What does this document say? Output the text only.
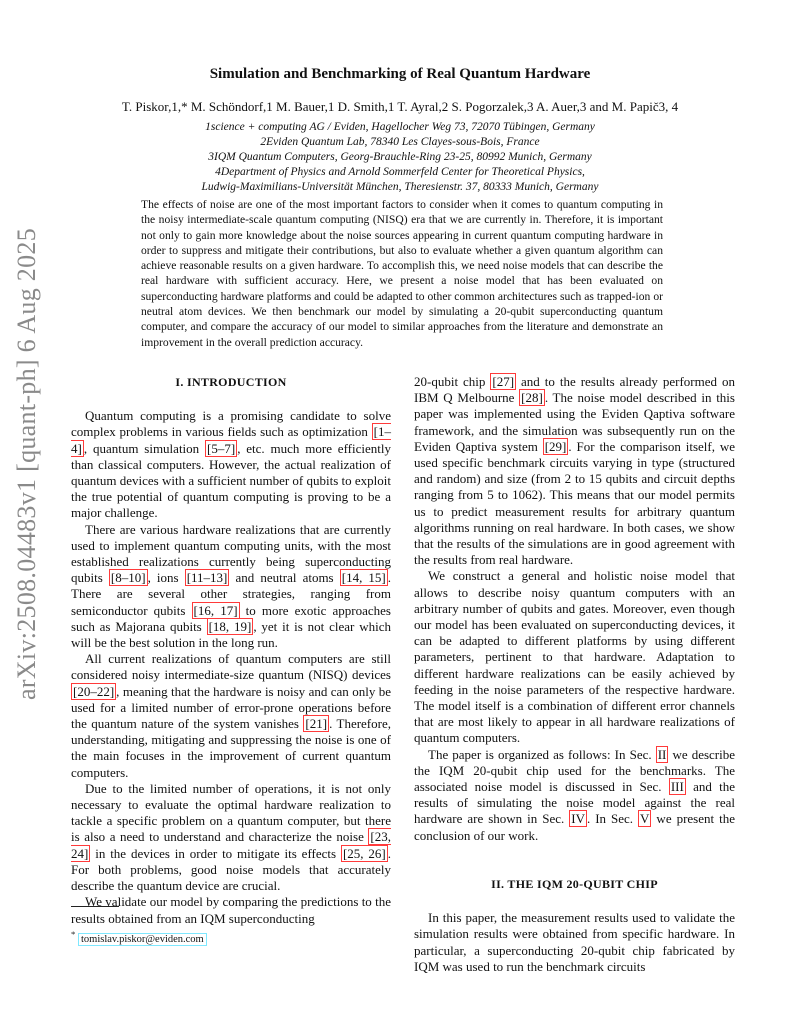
arXiv:2508.04483v1 [quant-ph] 6 Aug 2025
Simulation and Benchmarking of Real Quantum Hardware
T. Piskor,1,* M. Schöndorf,1 M. Bauer,1 D. Smith,1 T. Ayral,2 S. Pogorzalek,3 A. Auer,3 and M. Papič3, 4
1science + computing AG / Eviden, Hagellocher Weg 73, 72070 Tübingen, Germany
2Eviden Quantum Lab, 78340 Les Clayes-sous-Bois, France
3IQM Quantum Computers, Georg-Brauchle-Ring 23-25, 80992 Munich, Germany
4Department of Physics and Arnold Sommerfeld Center for Theoretical Physics,
Ludwig-Maximilians-Universität München, Theresienstr. 37, 80333 Munich, Germany
The effects of noise are one of the most important factors to consider when it comes to quantum computing in the noisy intermediate-scale quantum computing (NISQ) era that we are currently in. Therefore, it is important not only to gain more knowledge about the noise sources appearing in current quantum computing hardware in order to suppress and mitigate their contributions, but also to evaluate whether a given quantum algorithm can achieve reasonable results on a given hardware. To accomplish this, we need noise models that can describe the real hardware with sufficient accuracy. Here, we present a noise model that has been evaluated on superconducting hardware platforms and could be adapted to other common architectures such as trapped-ion or neutral atom devices. We then benchmark our model by simulating a 20-qubit superconducting quantum computer, and compare the accuracy of our model to similar approaches from the literature and demonstrate an improvement in the overall prediction accuracy.
I. INTRODUCTION

Quantum computing is a promising candidate to solve complex problems in various fields such as optimization [1–4] , quantum simulation [5–7] , etc. much more efficiently than classical computers. However, the actual realization of quantum devices with a sufficient number of qubits to exploit the true potential of quantum computing is proving to be a major challenge.

There are various hardware realizations that are currently used to implement quantum computing units, with the most established realizations currently being superconducting qubits [8–10] , ions [11–13] and neutral atoms [14, 15] . There are several other strategies, ranging from semiconductor qubits [16, 17] to more exotic approaches such as Majorana qubits [18, 19] , yet it is not clear which will be the best solution in the long run.

All current realizations of quantum computers are still considered noisy intermediate-size quantum (NISQ) devices [20–22] , meaning that the hardware is noisy and can only be used for a limited number of error-prone operations before the quantum nature of the system vanishes [21] . Therefore, understanding, mitigating and suppressing the noise is one of the main focuses in the improvement of current quantum computers.

Due to the limited number of operations, it is not only necessary to evaluate the optimal hardware realization to tackle a specific problem on a quantum computer, but there is also a need to understand and characterize the noise [23, 24] in the devices in order to mitigate its effects [25, 26] . For both problems, good noise models that accurately describe the quantum device are crucial.

We validate our model by comparing the predictions to the results obtained from an IQM superconducting

20-qubit chip [27] and to the results already performed on IBM Q Melbourne [28] . The noise model described in this paper was implemented using the Eviden Qaptiva software framework, and the simulation was subsequently run on the Eviden Qaptiva system [29] . For the comparison itself, we used specific benchmark circuits varying in type (structured and random) and size (from 2 to 15 qubits and circuit depths ranging from 5 to 1062). This means that our model permits us to predict measurement results for arbitrary quantum algorithms running on real hardware. In both cases, we show that the results of the simulations are in good agreement with the results from real hardware.

We construct a general and holistic noise model that allows to describe noisy quantum computers with an arbitrary number of qubits and gates. Moreover, even though our model has been evaluated on superconducting devices, it can be adapted to different platforms by using different parameters, pertinent to that hardware. Adaptation to different hardware realizations can be easily achieved by feeding in the noise parameters of the respective hardware. The model itself is a combination of different error channels that are most likely to appear in all hardware realizations of quantum computers.

The paper is organized as follows: In Sec. II we describe the IQM 20-qubit chip used for the benchmarks. The associated noise model is discussed in Sec. III and the results of simulating the noise model against the real hardware are shown in Sec. IV . In Sec. V we present the conclusion of our work.

II. THE IQM 20-QUBIT CHIP

In this paper, the measurement results used to validate the simulation results were obtained from specific hardware. In particular, a superconducting 20-qubit chip fabricated by IQM was used to run the benchmark circuits

* tomislav.piskor@eviden.com
